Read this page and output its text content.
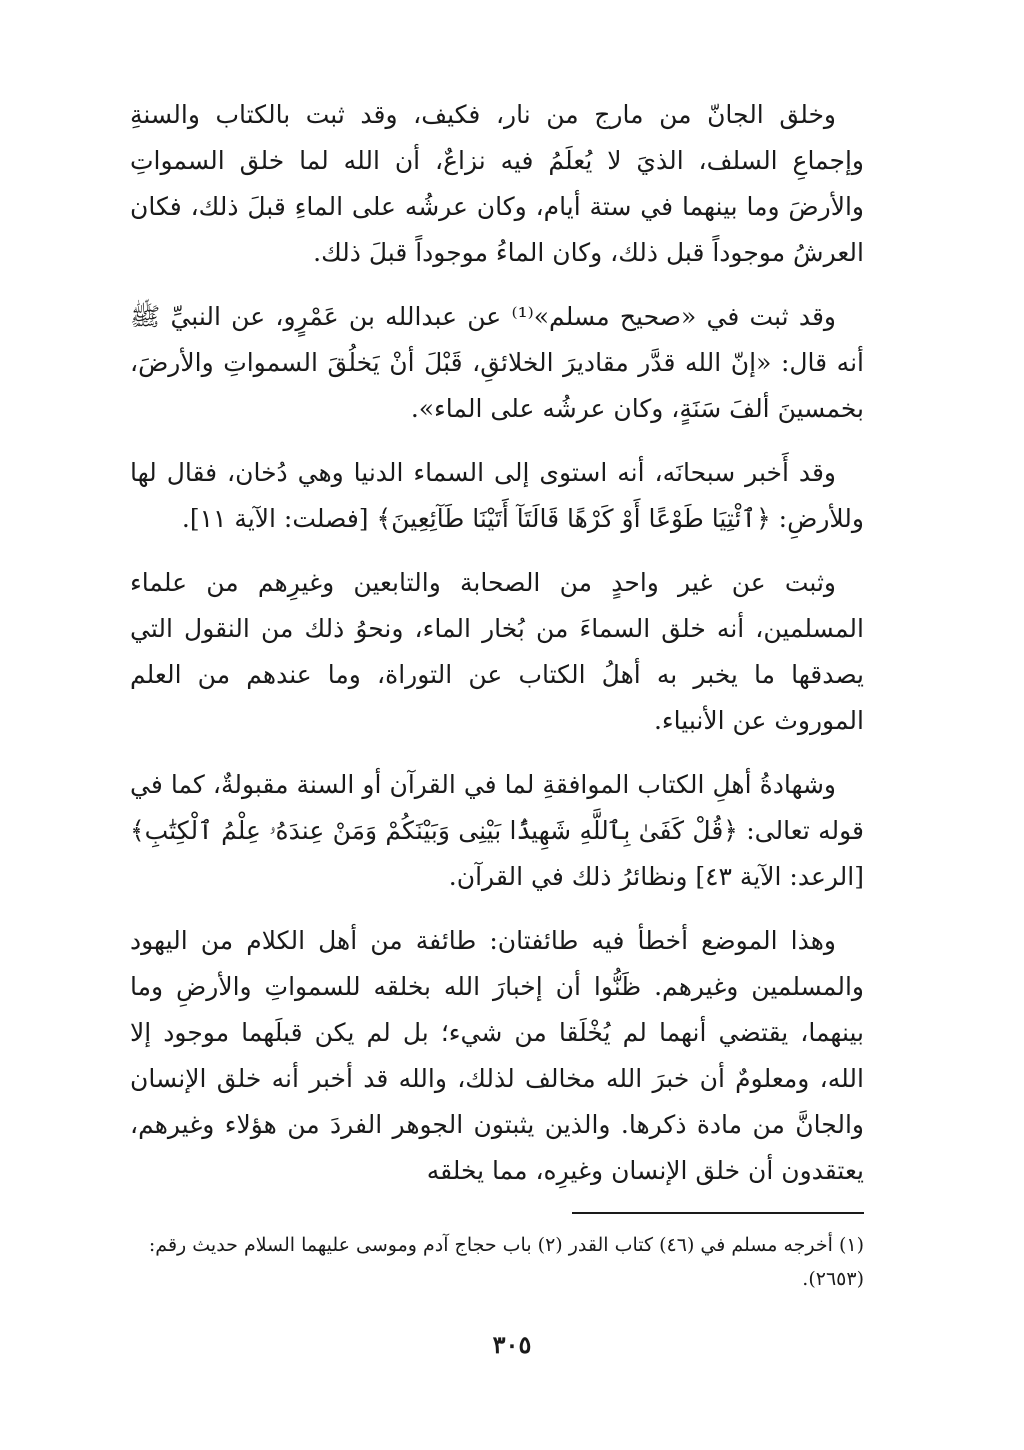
وخلق الجانّ من مارج من نار، فكيف، وقد ثبت بالكتاب والسنةِ وإجماعِ السلف، الذيَ لا يُعلَمُ فيه نزاعٌ، أن الله لما خلق السمواتِ والأرضَ وما بينهما في ستة أيام، وكان عرشُه على الماءِ قبلَ ذلك، فكان العرشُ موجوداً قبل ذلك، وكان الماءُ موجوداً قبلَ ذلك.

وقد ثبت في «صحيح مسلم»⁽¹⁾ عن عبدالله بن عَمْرٍو، عن النبيِّ ﷺ أنه قال: «إنّ الله قدَّر مقاديرَ الخلائقِ، قَبْلَ أنْ يَخلُقَ السمواتِ والأرضَ، بخمسينَ ألفَ سَنَةٍ، وكان عرشُه على الماء».

وقد أَخبر سبحانَه، أنه استوى إلى السماء الدنيا وهي دُخان، فقال لها وللأرضِ: ﴿ٱئْتِيَا طَوْعًا أَوْ كَرْهًا قَالَتَآ أَتَيْنَا طَآئِعِينَ﴾ [فصلت: الآية ١١].

وثبت عن غير واحدٍ من الصحابة والتابعين وغيرِهم من علماء المسلمين، أنه خلق السماءَ من بُخار الماء، ونحوُ ذلك من النقول التي يصدقها ما يخبر به أهلُ الكتاب عن التوراة، وما عندهم من العلم الموروث عن الأنبياء.

وشهادةُ أهلِ الكتاب الموافقةِ لما في القرآن أو السنة مقبولةٌ، كما في قوله تعالى: ﴿قُلْ كَفَىٰ بِٱللَّهِ شَهِيدًۢا بَيْنِى وَبَيْنَكُمْ وَمَنْ عِندَهُۥ عِلْمُ ٱلْكِتَٰبِ﴾ [الرعد: الآية ٤٣] ونظائرُ ذلك في القرآن.

وهذا الموضع أخطأ فيه طائفتان: طائفة من أهل الكلام من اليهود والمسلمين وغيرهم. ظَنُّوا أن إخبارَ الله بخلقه للسمواتِ والأرضِ وما بينهما، يقتضي أنهما لم يُخْلَقا من شيء؛ بل لم يكن قبلَهما موجود إلا الله، ومعلومٌ أن خبرَ الله مخالف لذلك، والله قد أخبر أنه خلق الإنسان والجانَّ من مادة ذكرها. والذين يثبتون الجوهر الفردَ من هؤلاء وغيرهم، يعتقدون أن خلق الإنسان وغيرِه، مما يخلقه

(١) أخرجه مسلم في (٤٦) كتاب القدر (٢) باب حجاج آدم وموسى عليهما السلام حديث رقم: (٢٦٥٣).

٣٠٥
